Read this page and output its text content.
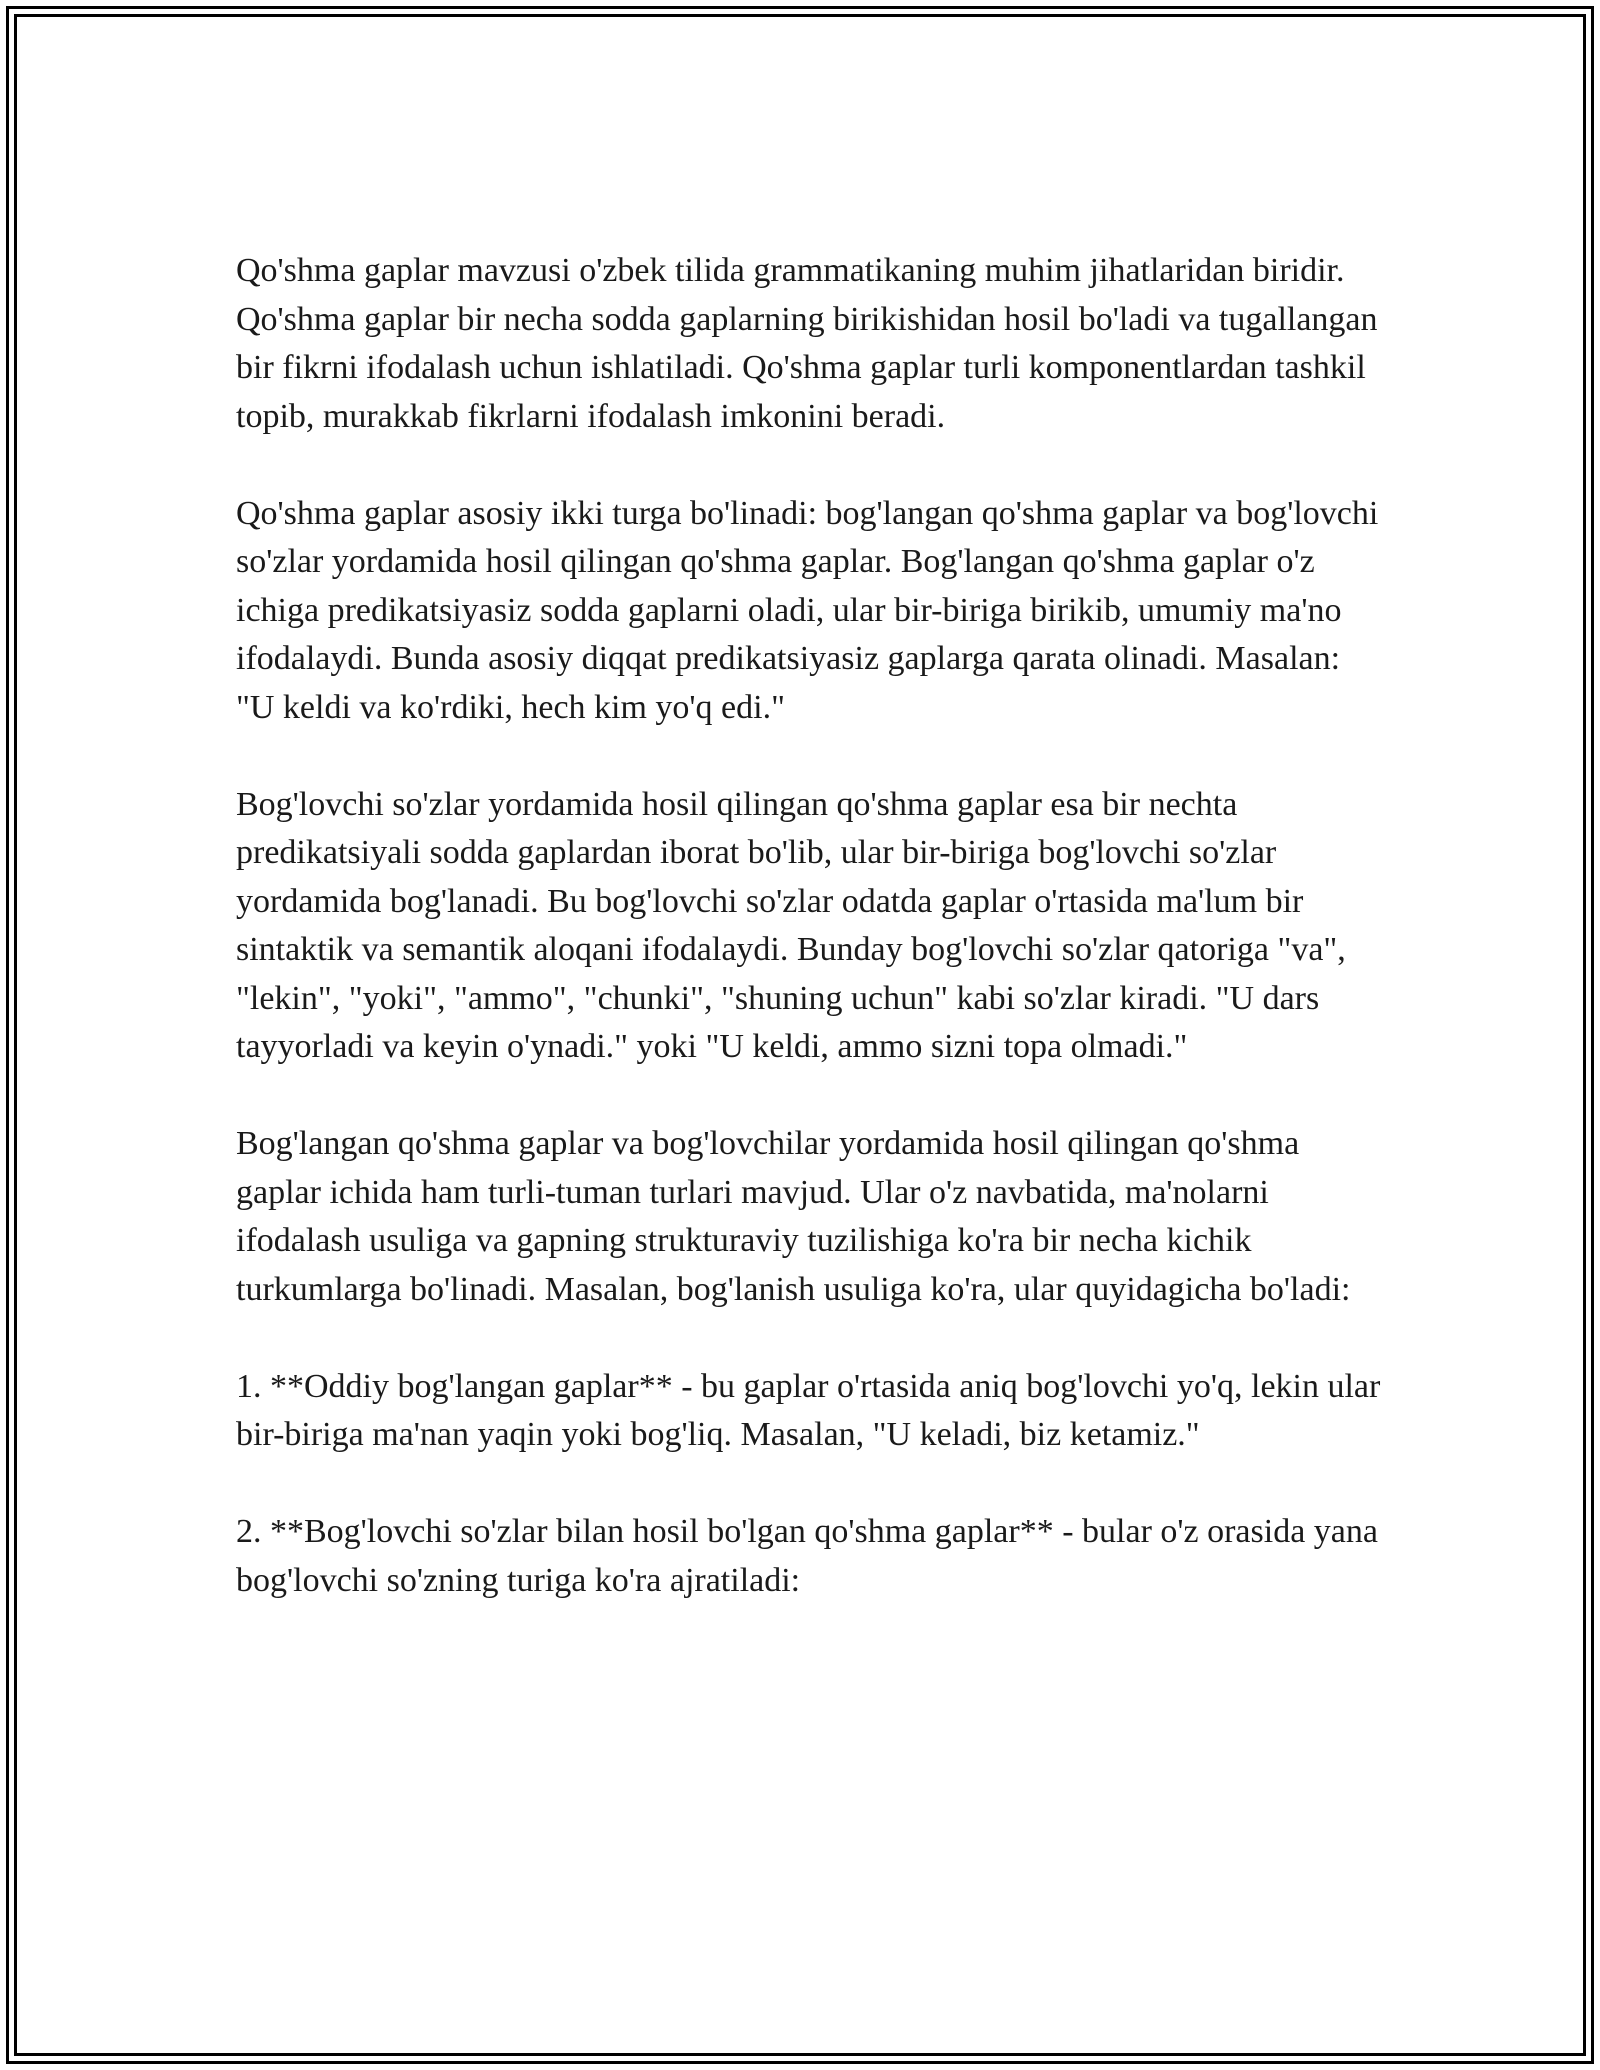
Qo'shma gaplar mavzusi o'zbek tilida grammatikaning muhim jihatlaridan biridir. Qo'shma gaplar bir necha sodda gaplarning birikishidan hosil bo'ladi va tugallangan bir fikrni ifodalash uchun ishlatiladi. Qo'shma gaplar turli komponentlardan tashkil topib, murakkab fikrlarni ifodalash imkonini beradi.

Qo'shma gaplar asosiy ikki turga bo'linadi: bog'langan qo'shma gaplar va bog'lovchi so'zlar yordamida hosil qilingan qo'shma gaplar. Bog'langan qo'shma gaplar o'z ichiga predikatsiyasiz sodda gaplarni oladi, ular bir-biriga birikib, umumiy ma'no ifodalaydi. Bunda asosiy diqqat predikatsiyasiz gaplarga qarata olinadi. Masalan: "U keldi va ko'rdiki, hech kim yo'q edi."

Bog'lovchi so'zlar yordamida hosil qilingan qo'shma gaplar esa bir nechta predikatsiyali sodda gaplardan iborat bo'lib, ular bir-biriga bog'lovchi so'zlar yordamida bog'lanadi. Bu bog'lovchi so'zlar odatda gaplar o'rtasida ma'lum bir sintaktik va semantik aloqani ifodalaydi. Bunday bog'lovchi so'zlar qatoriga "va", "lekin", "yoki", "ammo", "chunki", "shuning uchun" kabi so'zlar kiradi. "U dars tayyorladi va keyin o'ynadi." yoki "U keldi, ammo sizni topa olmadi."

Bog'langan qo'shma gaplar va bog'lovchilar yordamida hosil qilingan qo'shma gaplar ichida ham turli-tuman turlari mavjud. Ular o'z navbatida, ma'nolarni ifodalash usuliga va gapning strukturaviy tuzilishiga ko'ra bir necha kichik turkumlarga bo'linadi. Masalan, bog'lanish usuliga ko'ra, ular quyidagicha bo'ladi:

1. **Oddiy bog'langan gaplar** - bu gaplar o'rtasida aniq bog'lovchi yo'q, lekin ular bir-biriga ma'nan yaqin yoki bog'liq. Masalan, "U keladi, biz ketamiz."

2. **Bog'lovchi so'zlar bilan hosil bo'lgan qo'shma gaplar** - bular o'z orasida yana bog'lovchi so'zning turiga ko'ra ajratiladi:
